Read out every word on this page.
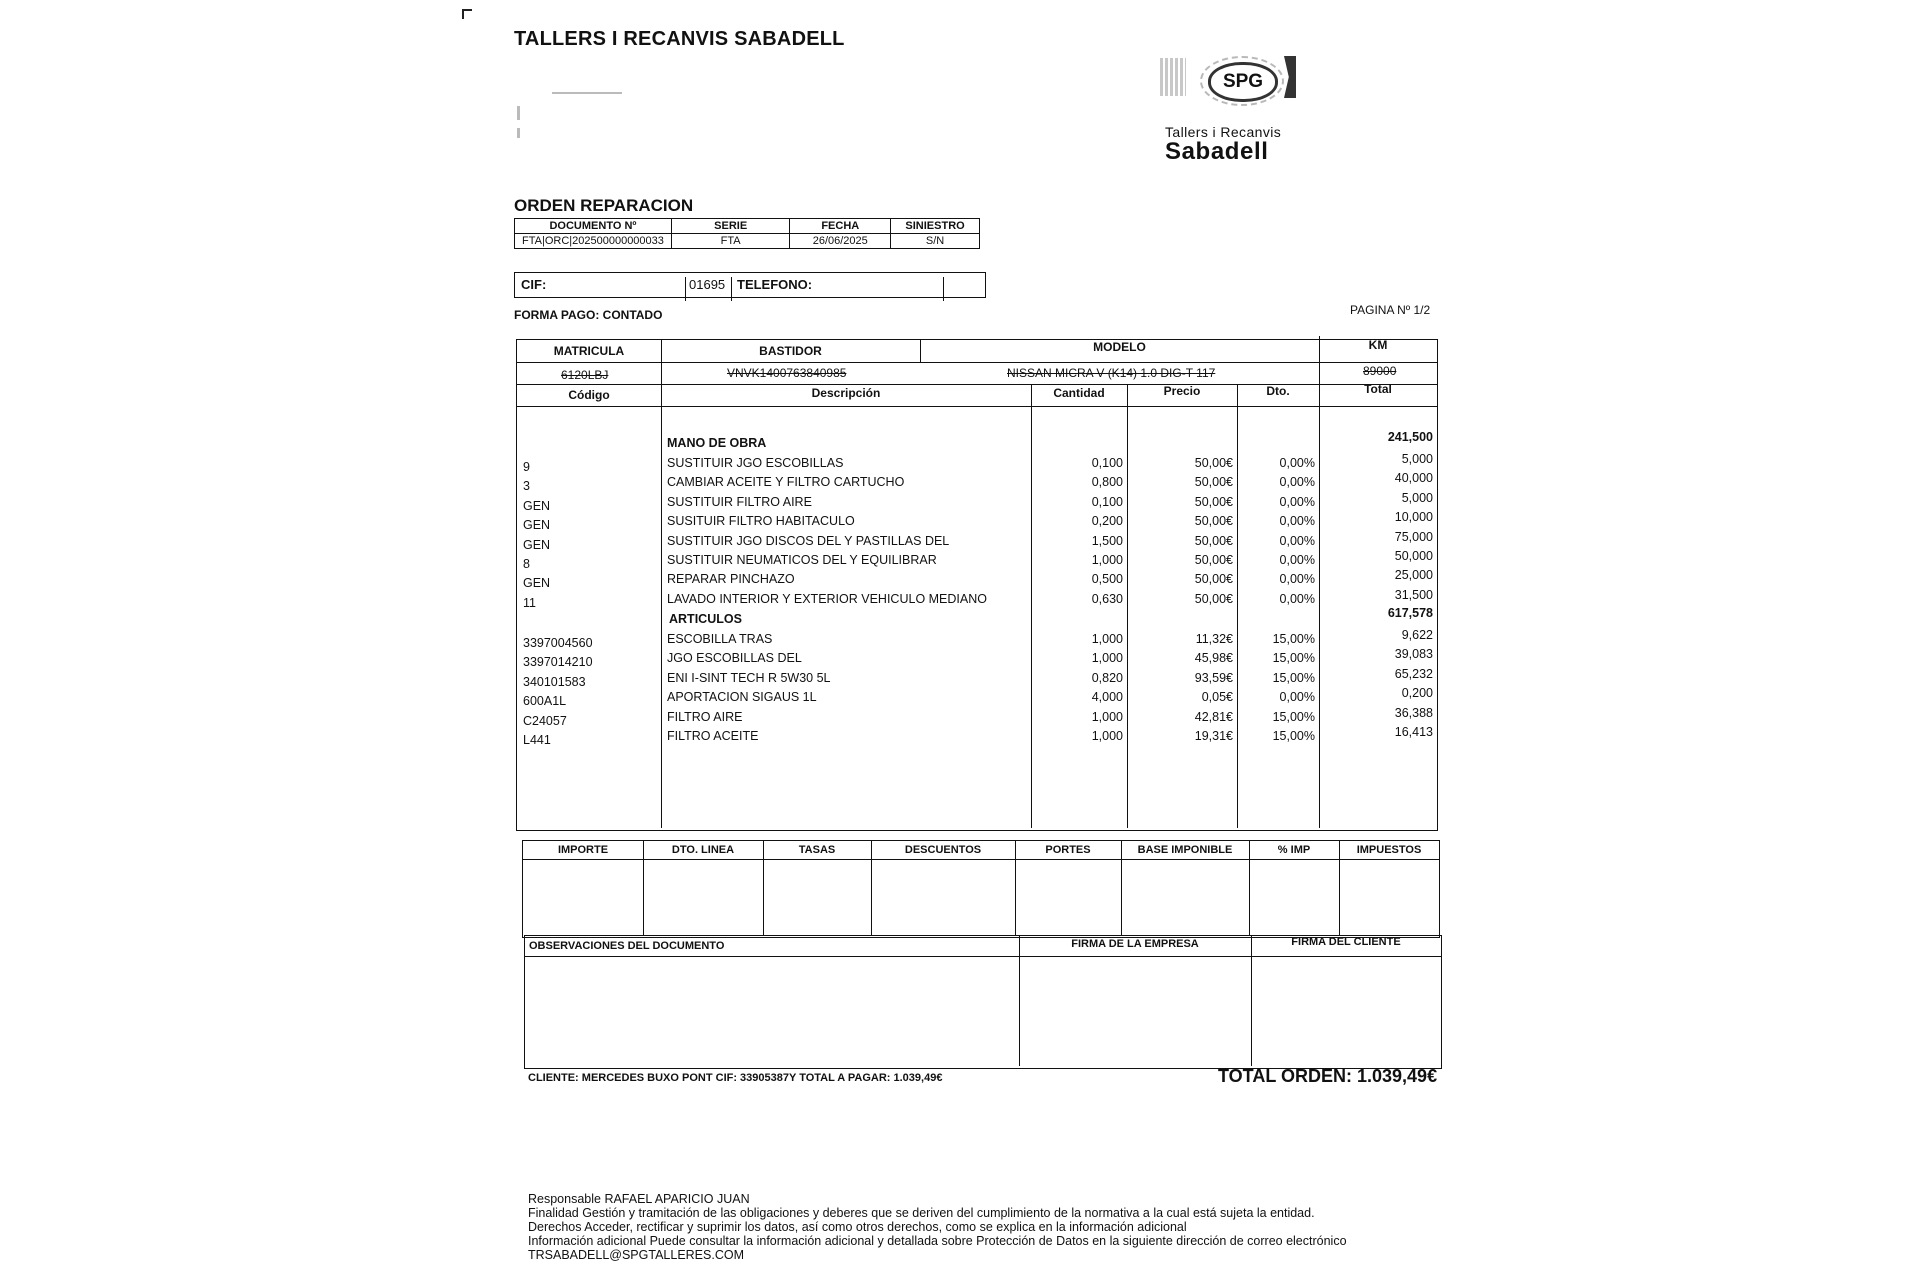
TALLERS I RECANVIS SABADELL
SPG
Tallers i Recanvis
Sabadell
ORDEN REPARACION
DOCUMENTO Nº	SERIE	FECHA	SINIESTRO
FTA|ORC|202500000000033	FTA	26/06/2025	S/N
CIF:	01695 TELEFONO:
FORMA PAGO: CONTADO	PAGINA Nº 1/2
MATRICULA	BASTIDOR	MODELO	KM
6120LBJ	VNVK1400763840985	NISSAN MICRA V (K14) 1.0 DIG-T 117	89000
Código	Descripción	Cantidad	Precio	Dto.	Total
MANO DE OBRA	241,500
9	SUSTITUIR JGO ESCOBILLAS	0,100	50,00€	0,00%	5,000
3	CAMBIAR ACEITE Y FILTRO CARTUCHO	0,800	50,00€	0,00%	40,000
GEN	SUSTITUIR FILTRO AIRE	0,100	50,00€	0,00%	5,000
GEN	SUSITUIR FILTRO HABITACULO	0,200	50,00€	0,00%	10,000
GEN	SUSTITUIR JGO DISCOS DEL Y PASTILLAS DEL	1,500	50,00€	0,00%	75,000
8	SUSTITUIR NEUMATICOS DEL Y EQUILIBRAR	1,000	50,00€	0,00%	50,000
GEN	REPARAR PINCHAZO	0,500	50,00€	0,00%	25,000
11	LAVADO INTERIOR Y EXTERIOR VEHICULO MEDIANO	0,630	50,00€	0,00%	31,500
ARTICULOS	617,578
3397004560	ESCOBILLA TRAS	1,000	11,32€	15,00%	9,622
3397014210	JGO ESCOBILLAS DEL	1,000	45,98€	15,00%	39,083
340101583	ENI I-SINT TECH R 5W30 5L	0,820	93,59€	15,00%	65,232
600A1L	APORTACION SIGAUS 1L	4,000	0,05€	0,00%	0,200
C24057	FILTRO AIRE	1,000	42,81€	15,00%	36,388
L441	FILTRO ACEITE	1,000	19,31€	15,00%	16,413
IMPORTE	DTO. LINEA	TASAS	DESCUENTOS	PORTES	BASE IMPONIBLE	% IMP	IMPUESTOS
OBSERVACIONES DEL DOCUMENTO	FIRMA DE LA EMPRESA	FIRMA DEL CLIENTE
CLIENTE: MERCEDES BUXO PONT CIF: 33905387Y TOTAL A PAGAR: 1.039,49€	TOTAL ORDEN: 1.039,49€
Responsable RAFAEL APARICIO JUAN
Finalidad Gestión y tramitación de las obligaciones y deberes que se deriven del cumplimiento de la normativa a la cual está sujeta la entidad.
Derechos Acceder, rectificar y suprimir los datos, así como otros derechos, como se explica en la información adicional
Información adicional Puede consultar la información adicional y detallada sobre Protección de Datos en la siguiente dirección de correo electrónico
TRSABADELL@SPGTALLERES.COM
